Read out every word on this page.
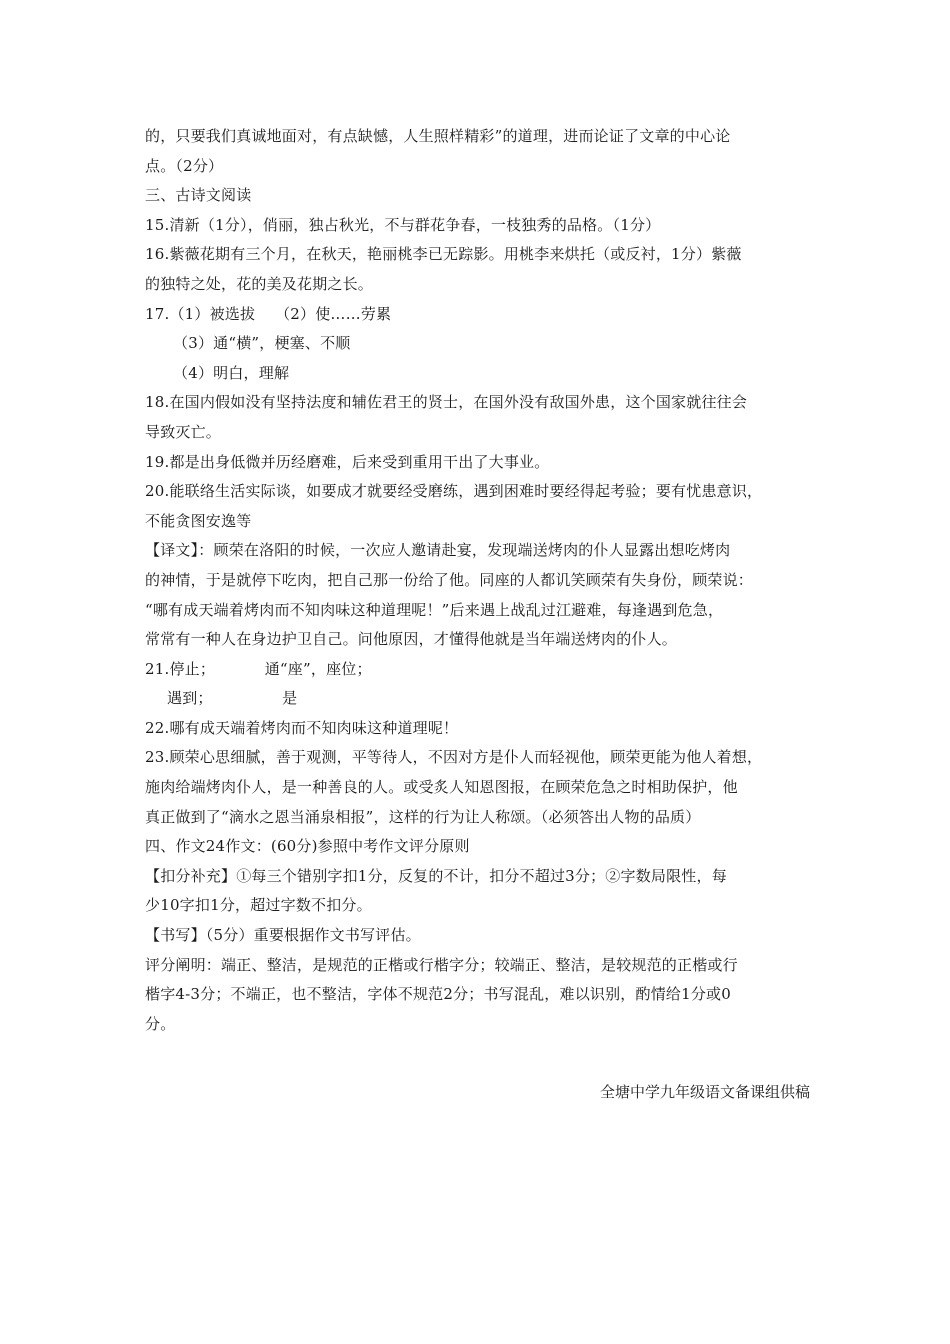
的，只要我们真诚地面对，有点缺憾，人生照样精彩”的道理，进而论证了文章的中心论
点。（2分）
三、古诗文阅读
15.清新（1分），俏丽，独占秋光，不与群花争春，一枝独秀的品格。（1分）
16.紫薇花期有三个月，在秋天，艳丽桃李已无踪影。用桃李来烘托（或反衬，1分）紫薇
的独特之处，花的美及花期之长。
17.（1）被选拔    （2）使……劳累
（3）通“横”，梗塞、不顺
（4）明白，理解
18.在国内假如没有坚持法度和辅佐君王的贤士，在国外没有敌国外患，这个国家就往往会
导致灭亡。
19.都是出身低微并历经磨难，后来受到重用干出了大事业。
20.能联络生活实际谈，如要成才就要经受磨练，遇到困难时要经得起考验；要有忧患意识，
不能贪图安逸等
【译文】：顾荣在洛阳的时候，一次应人邀请赴宴，发现端送烤肉的仆人显露出想吃烤肉
的神情，于是就停下吃肉，把自己那一份给了他。同座的人都讥笑顾荣有失身份，顾荣说：
“哪有成天端着烤肉而不知肉味这种道理呢！”后来遇上战乱过江避难，每逢遇到危急，
常常有一种人在身边护卫自己。问他原因，才懂得他就是当年端送烤肉的仆人。
21.停止；          通“座”，座位；
遇到；              是
22.哪有成天端着烤肉而不知肉味这种道理呢！
23.顾荣心思细腻，善于观测，平等待人，不因对方是仆人而轻视他，顾荣更能为他人着想，
施肉给端烤肉仆人，是一种善良的人。或受炙人知恩图报，在顾荣危急之时相助保护，他
真正做到了“滴水之恩当涌泉相报”，这样的行为让人称颂。（必须答出人物的品质）
四、作文24作文：(60分)参照中考作文评分原则
【扣分补充】①每三个错别字扣1分，反复的不计，扣分不超过3分；②字数局限性，每
少10字扣1分，超过字数不扣分。
【书写】（5分）重要根据作文书写评估。
评分阐明：端正、整洁，是规范的正楷或行楷字分；较端正、整洁，是较规范的正楷或行
楷字4-3分；不端正，也不整洁，字体不规范2分；书写混乱，难以识别，酌情给1分或0
分。
全塘中学九年级语文备课组供稿
